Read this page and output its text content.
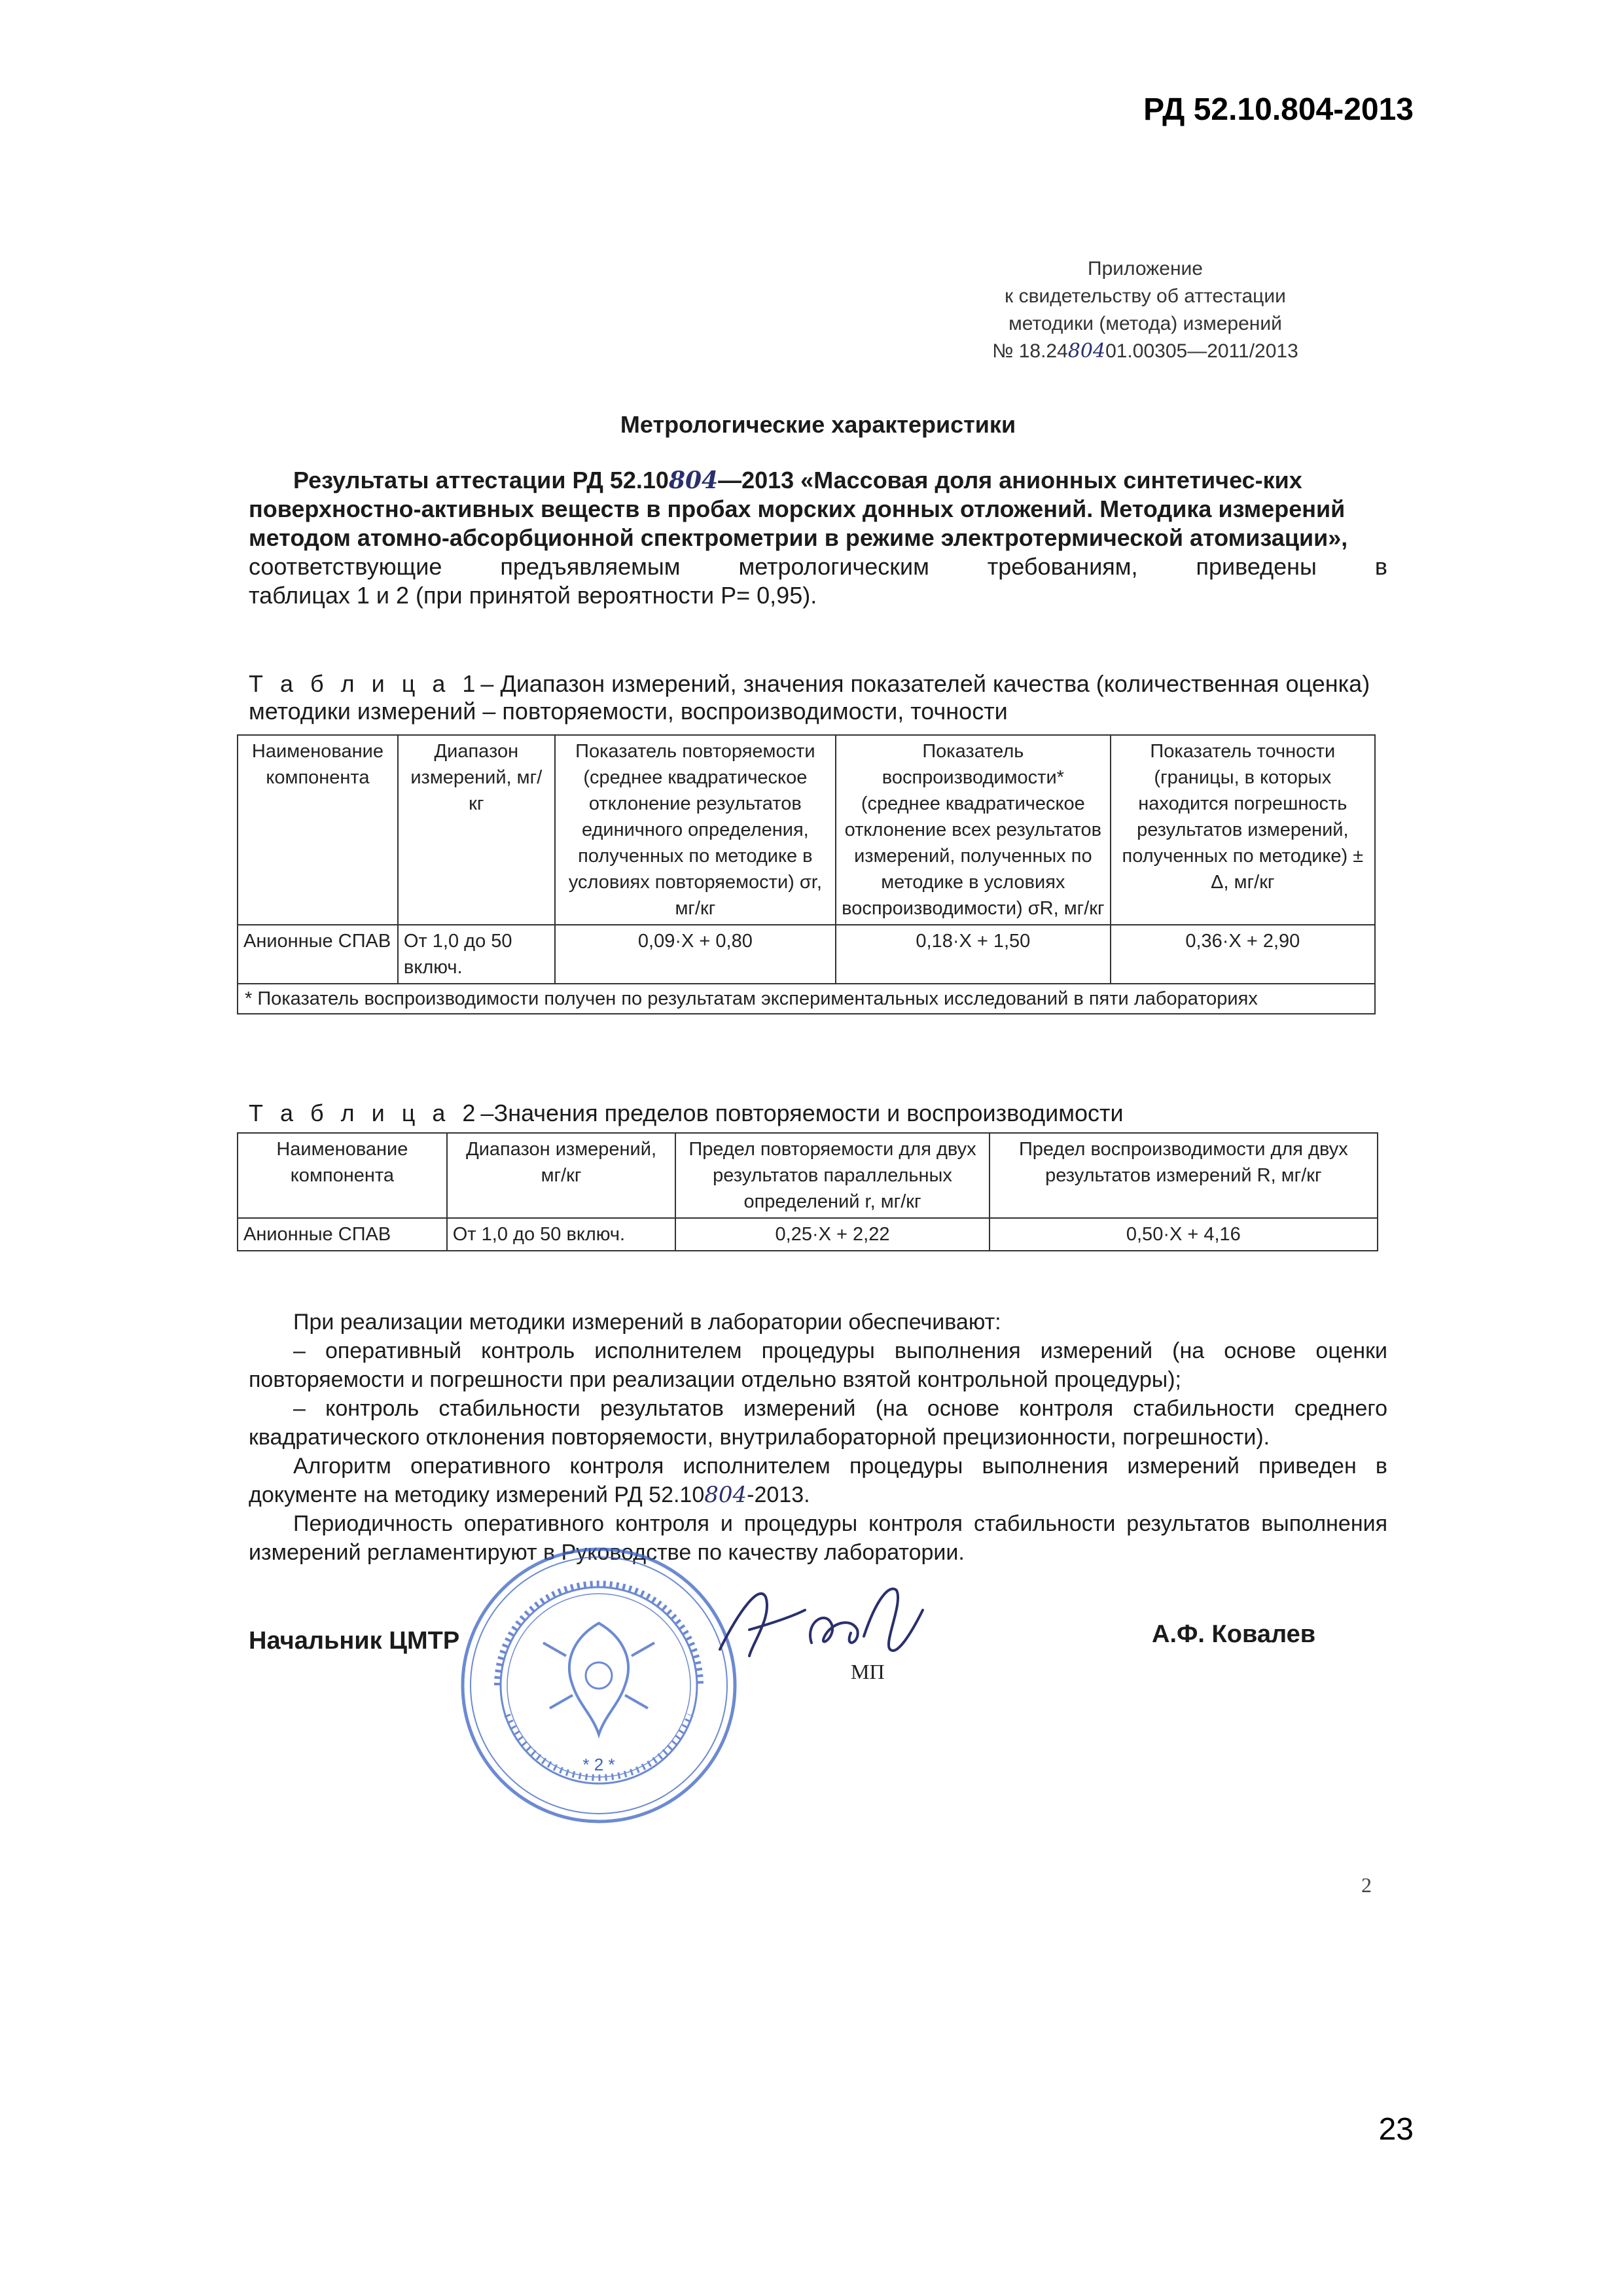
РД 52.10.804-2013
Приложение
к свидетельству об аттестации
методики (метода) измерений
№ 18.2480401.00305—2011/2013
Метрологические характеристики

Результаты аттестации РД 52.10804—2013 «Массовая доля анионных синтетичес-ких поверхностно-активных веществ в пробах морских донных отложений. Методика измерений методом атомно-абсорбционной спектрометрии в режиме электротермической атомизации»,

соответствующие предъявляемым метрологическим требованиям, приведены в

таблицах 1 и 2 (при принятой вероятности Р= 0,95).

Т а б л и ц а 1– Диапазон измерений, значения показателей качества (количественная оценка) методики измерений – повторяемости, воспроизводимости, точности
Наименование компонента	Диапазон измерений, мг/кг	Показатель повторяемости (среднее квадратическое отклонение результатов единичного определения, полученных по методике в условиях повторяемости) σr, мг/кг	Показатель воспроизводимости* (среднее квадратическое отклонение всех результатов измерений, полученных по методике в условиях воспроизводимости) σR, мг/кг	Показатель точности (границы, в которых находится погрешность результатов измерений, полученных по методике) ± Δ, мг/кг
Анионные СПАВ	От 1,0 до 50 включ.	0,09·X + 0,80	0,18·X + 1,50	0,36·X + 2,90
* Показатель воспроизводимости получен по результатам экспериментальных исследований в пяти лабораториях				
Т а б л и ц а 2–Значения пределов повторяемости и воспроизводимости
Наименование компонента	Диапазон измерений, мг/кг	Предел повторяемости для двух результатов параллельных определений r, мг/кг	Предел воспроизводимости для двух результатов измерений R, мг/кг
Анионные СПАВ	От 1,0 до 50 включ.	0,25·X + 2,22	0,50·X + 4,16

При реализации методики измерений в лаборатории обеспечивают:

– оперативный контроль исполнителем процедуры выполнения измерений (на основе оценки повторяемости и погрешности при реализации отдельно взятой контрольной процедуры);

– контроль стабильности результатов измерений (на основе контроля стабильности среднего квадратического отклонения повторяемости, внутрилабораторной прецизионности, погрешности).

Алгоритм оперативного контроля исполнителем процедуры выполнения измерений приведен в документе на методику измерений РД 52.10804-2013.

Периодичность оперативного контроля и процедуры контроля стабильности результатов выполнения измерений регламентируют в Руководстве по качеству лаборатории.

* 2 *
Начальник ЦМТР
МП
А.Ф. Ковалев
2
23
